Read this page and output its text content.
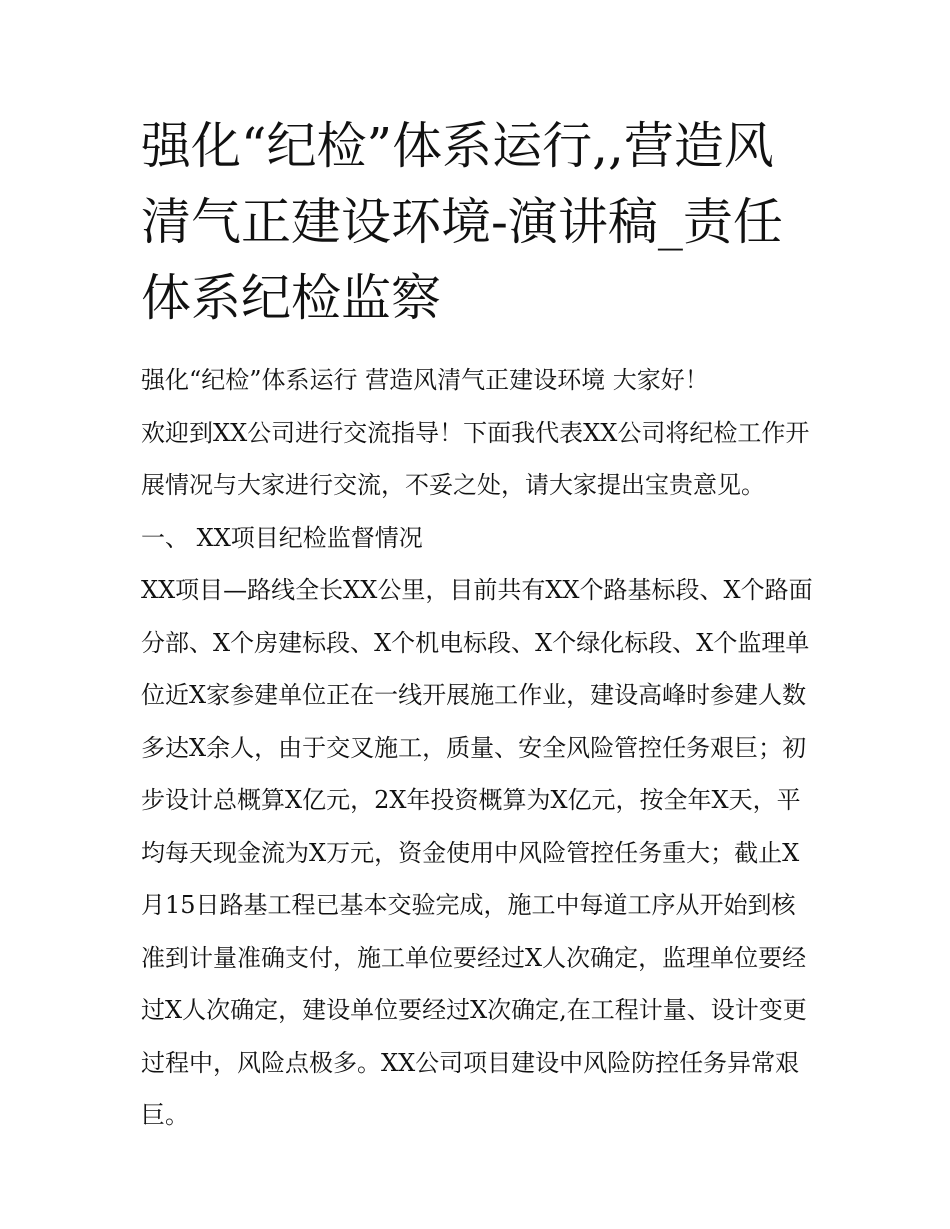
强化“纪检”体系运行,,营造风清气正建设环境-演讲稿_责任体系纪检监察

强化“纪检”体系运行 营造风清气正建设环境 大家好！

欢迎到XX公司进行交流指导！下面我代表XX公司将纪检工作开展情况与大家进行交流，不妥之处，请大家提出宝贵意见。 一、 XX项目纪检监督情况

XX项目—路线全长XX公里，目前共有XX个路基标段、X个路面分部、X个房建标段、X个机电标段、X个绿化标段、X个监理单位近X家参建单位正在一线开展施工作业，建设高峰时参建人数多达X余人，由于交叉施工，质量、安全风险管控任务艰巨；初步设计总概算X亿元，2X年投资概算为X亿元，按全年X天，平均每天现金流为X万元，资金使用中风险管控任务重大；截止X月15日路基工程已基本交验完成，施工中每道工序从开始到核准到计量准确支付，施工单位要经过X人次确定，监理单位要经过X人次确定，建设单位要经过X次确定,在工程计量、设计变更过程中，风险点极多。XX公司项目建设中风险防控任务异常艰巨。
